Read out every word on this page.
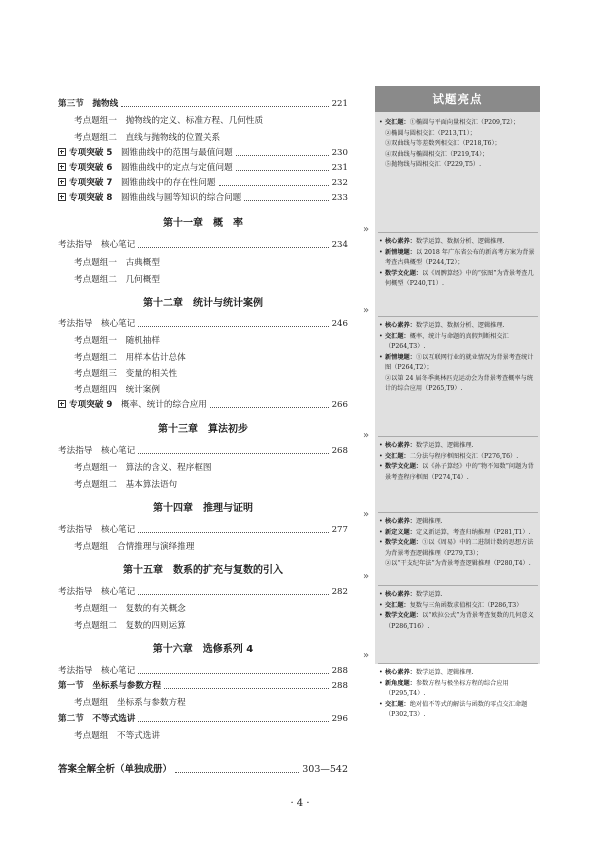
试题亮点
第三节　抛物线	221
考点题组一　抛物线的定义、标准方程、几何性质
考点题组二　直线与抛物线的位置关系
专项突破 5　圆锥曲线中的范围与最值问题	230
专项突破 6　圆锥曲线中的定点与定值问题	231
专项突破 7　圆锥曲线中的存在性问题	232
专项突破 8　圆锥曲线与圆等知识的综合问题	233
第十一章　概　率
考法指导　核心笔记	234
考点题组一　古典概型
考点题组二　几何概型
第十二章　统计与统计案例
考法指导　核心笔记	246
考点题组一　随机抽样
考点题组二　用样本估计总体
考点题组三　变量的相关性
考点题组四　统计案例
专项突破 9　概率、统计的综合应用	266
第十三章　算法初步
考法指导　核心笔记	268
考点题组一　算法的含义、程序框图
考点题组二　基本算法语句
第十四章　推理与证明
考法指导　核心笔记	277
考点题组　合情推理与演绎推理
第十五章　数系的扩充与复数的引入
考法指导　核心笔记	282
考点题组一　复数的有关概念
考点题组二　复数的四则运算
第十六章　选修系列 4
考法指导　核心笔记	288
第一节　坐标系与参数方程	288
考点题组　坐标系与参数方程
第二节　不等式选讲	296
考点题组　不等式选讲
• 交汇题：①椭圆与平面向量相交汇（P209,T2）；
②椭圆与圆相交汇（P213,T1）；
③双曲线与等差数列相交汇（P218,T6）；
④双曲线与椭圆相交汇（P219,T4）；
⑤抛物线与圆相交汇（P229,T5）.
• 核心素养：数学运算、数据分析、逻辑推理.
• 新情境题：以 2018 年广东省公布的新高考方案为背景考查古典概型（P244,T2）；
• 数学文化题：以《周髀算经》中的“弦图”为背景考查几何概型（P240,T1）.
• 核心素养：数学运算、数据分析、逻辑推理.
• 交汇题：概率、统计与命题的真假判断相交汇（P264,T3）.
• 新情境题：①以互联网行业的就业情况为背景考查统计图（P264,T2）；
②以第 24 届冬季奥林匹克运动会为背景考查概率与统计的综合应用（P265,T9）.
• 核心素养：数学运算、逻辑推理.
• 交汇题：二分法与程序框图相交汇（P276,T6）.
• 数学文化题：以《孙子算经》中的“物不知数”问题为背景考查程序框图（P274,T4）.
• 核心素养：逻辑推理.
• 新定义题：定义新运算，考查归纳推理（P281,T1）.
• 数学文化题：①以《周易》中的二进制计数的思想方法为背景考查逻辑推理（P279,T3）；
②以“干支纪年法”为背景考查逻辑推理（P280,T4）.
• 核心素养：数学运算.
• 交汇题：复数与三角函数求值相交汇（P286,T3）
• 数学文化题：以“欧拉公式”为背景考查复数的几何意义（P286,T16）.
• 核心素养：数学运算、逻辑推理.
• 新角度题：参数方程与极坐标方程的综合应用（P295,T4）.
• 交汇题：绝对值不等式的解法与函数的零点交汇命题（P302,T3）.
»
»
»
»
»
»
答案全解全析（单独成册）	303—542
· 4 ·
